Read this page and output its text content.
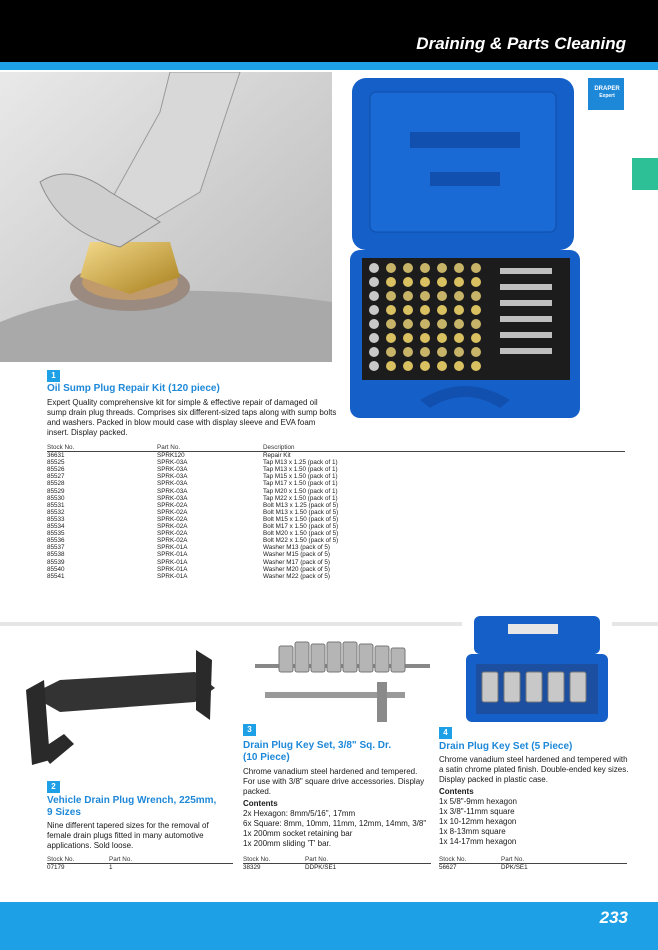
Draining & Parts Cleaning
DRAPER
Expert
1
Oil Sump Plug Repair Kit (120 piece)
Expert Quality comprehensive kit for simple & effective repair of damaged oil sump drain plug threads. Comprises six different-sized taps along with sump bolts and washers. Packed in blow mould case with display sleeve and EVA foam insert. Display packed.
Stock No.	Part No.	Description
36631	SPRK120	Repair Kit
85525	SPRK-03A	Tap M13 x 1.25 (pack of 1)
85526	SPRK-03A	Tap M13 x 1.50 (pack of 1)
85527	SPRK-03A	Tap M15 x 1.50 (pack of 1)
85528	SPRK-03A	Tap M17 x 1.50 (pack of 1)
85529	SPRK-03A	Tap M20 x 1.50 (pack of 1)
85530	SPRK-03A	Tap M22 x 1.50 (pack of 1)
85531	SPRK-02A	Bolt M13 x 1.25 (pack of 5)
85532	SPRK-02A	Bolt M13 x 1.50 (pack of 5)
85533	SPRK-02A	Bolt M15 x 1.50 (pack of 5)
85534	SPRK-02A	Bolt M17 x 1.50 (pack of 5)
85535	SPRK-02A	Bolt M20 x 1.50 (pack of 5)
85536	SPRK-02A	Bolt M22 x 1.50 (pack of 5)
85537	SPRK-01A	Washer M13 (pack of 5)
85538	SPRK-01A	Washer M15 (pack of 5)
85539	SPRK-01A	Washer M17 (pack of 5)
85540	SPRK-01A	Washer M20 (pack of 5)
85541	SPRK-01A	Washer M22 (pack of 5)
2
Vehicle Drain Plug Wrench, 225mm,
9 Sizes
Nine different tapered sizes for the removal of female drain plugs fitted in many automotive applications. Sold loose.
Stock No.	Part No.
07179	1
3
Drain Plug Key Set, 3/8" Sq. Dr.
(10 Piece)
Chrome vanadium steel hardened and tempered. For use with 3/8" square drive accessories. Display packed.
Contents
2x Hexagon: 8mm/5/16", 17mm
6x Square: 8mm, 10mm, 11mm, 12mm, 14mm, 3/8"
1x 200mm socket retaining bar
1x 200mm sliding 'T' bar.
Stock No.	Part No.
38329	DDPK/SE1
4
Drain Plug Key Set (5 Piece)
Chrome vanadium steel hardened and tempered with a satin chrome plated finish. Double-ended key sizes. Display packed in plastic case.
Contents
1x 5/8"-9mm hexagon
1x 3/8"-11mm square
1x 10-12mm hexagon
1x 8-13mm square
1x 14-17mm hexagon
Stock No.	Part No.
56627	DPK/SE1
233
